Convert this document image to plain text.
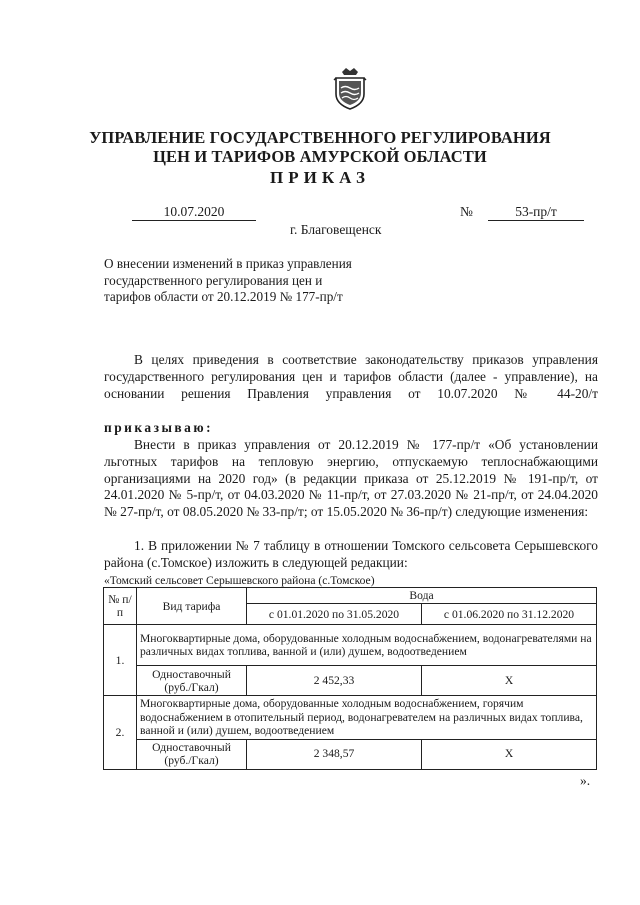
УПРАВЛЕНИЕ ГОСУДАРСТВЕННОГО РЕГУЛИРОВАНИЯ
ЦЕН И ТАРИФОВ АМУРСКОЙ ОБЛАСТИ
ПРИКАЗ
10.07.2020	№	53-пр/т
г. Благовещенск
О внесении изменений в приказ управления государственного регулирования цен и тарифов области от 20.12.2019 № 177-пр/т
В целях приведения в соответствие законодательству приказов управления государственного регулирования цен и тарифов области (далее - управление), на основании решения Правления управления от 10.07.2020 № 44-20/т
приказываю:
Внести в приказ управления от 20.12.2019 № 177-пр/т «Об установлении льготных тарифов на тепловую энергию, отпускаемую теплоснабжающими организациями на 2020 год» (в редакции приказа от 25.12.2019 № 191-пр/т, от 24.01.2020 № 5-пр/т, от 04.03.2020 № 11-пр/т, от 27.03.2020 № 21-пр/т, от 24.04.2020 № 27-пр/т, от 08.05.2020 № 33-пр/т; от 15.05.2020 № 36-пр/т) следующие изменения:
1. В приложении № 7 таблицу в отношении Томского сельсовета Серышевского района (с.Томское) изложить в следующей редакции:
«Томский сельсовет Серышевского района (с.Томское)
№ п/п	Вид тарифа	Вода	
		с 01.01.2020 по 31.05.2020	с 01.06.2020 по 31.12.2020
1.	Многоквартирные дома, оборудованные холодным водоснабжением, водонагревателями на различных видах топлива, ванной и (или) душем, водоотведением		
	Одноставочный (руб./Гкал)	2 452,33	Х
2.	Многоквартирные дома, оборудованные холодным водоснабжением, горячим водоснабжением в отопительный период, водонагревателем на различных видах топлива, ванной и (или) душем, водоотведением		
	Одноставочный (руб./Гкал)	2 348,57	Х
».
